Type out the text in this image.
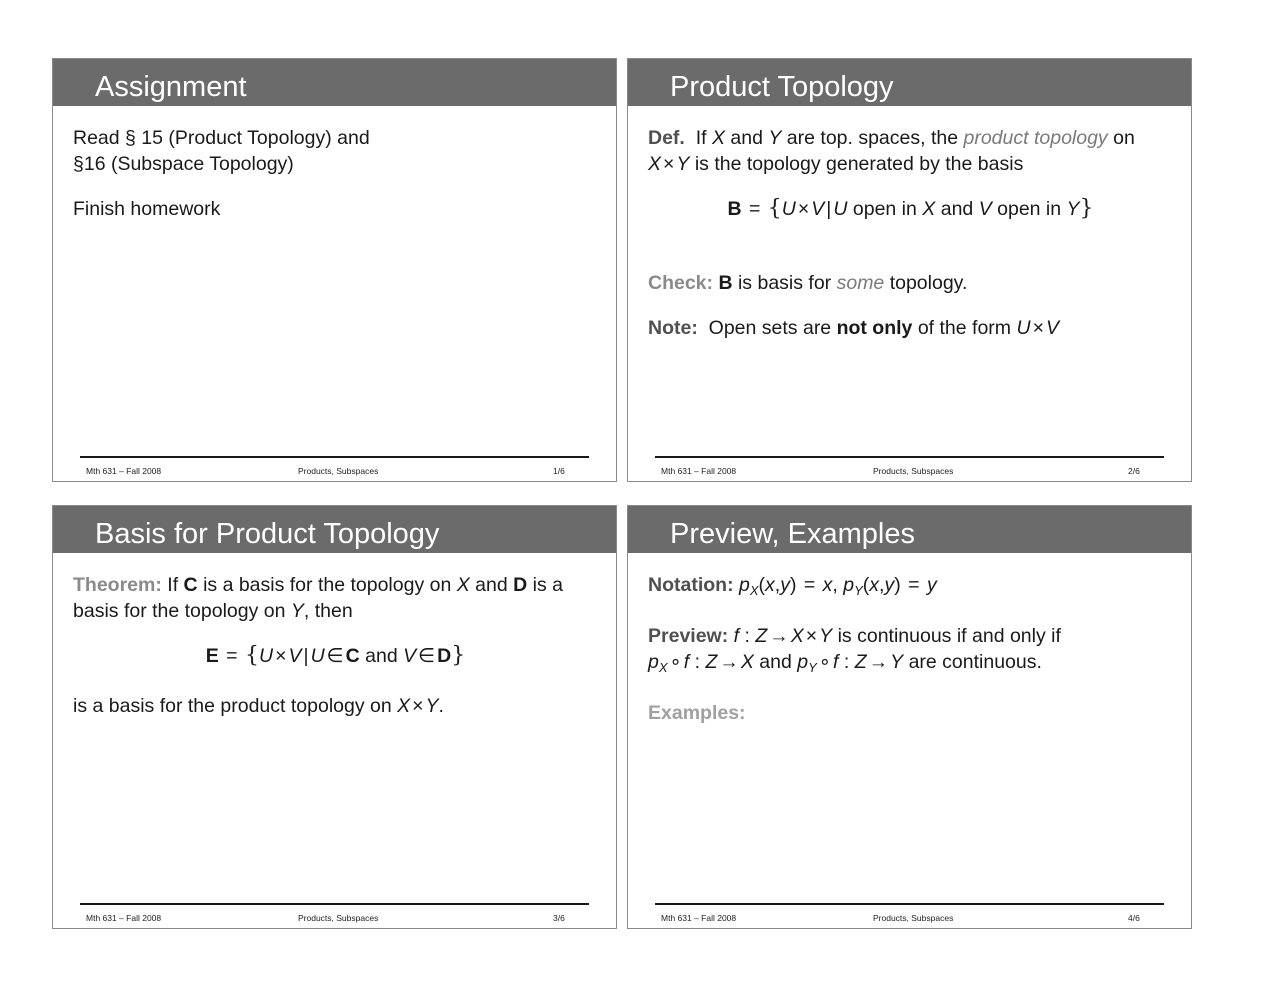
Assignment
Read § 15 (Product Topology) and
§16 (Subspace Topology)
Finish homework
Mth 631 – Fall 2008	Products, Subspaces	1/6
Product Topology
Def. If X and Y are top. spaces, the product topology on
X × Y is the topology generated by the basis
B = {U × V | U open in X and V open in Y}
Check: B is basis for some topology.
Note: Open sets are not only of the form U × V
Mth 631 – Fall 2008	Products, Subspaces	2/6
Basis for Product Topology
Theorem: If C is a basis for the topology on X and D is a
basis for the topology on Y, then
E = {U × V | U ∈ C and V ∈ D}
is a basis for the product topology on X × Y.
Mth 631 – Fall 2008	Products, Subspaces	3/6
Preview, Examples
Notation: $p_X(x,y) = x$, $p_Y(x,y) = y$
Preview: f : Z → X × Y is continuous if and only if
$p_X$ ∘ f : Z → X and $p_Y$ ∘ f : Z → Y are continuous.
Examples:
Mth 631 – Fall 2008	Products, Subspaces	4/6
